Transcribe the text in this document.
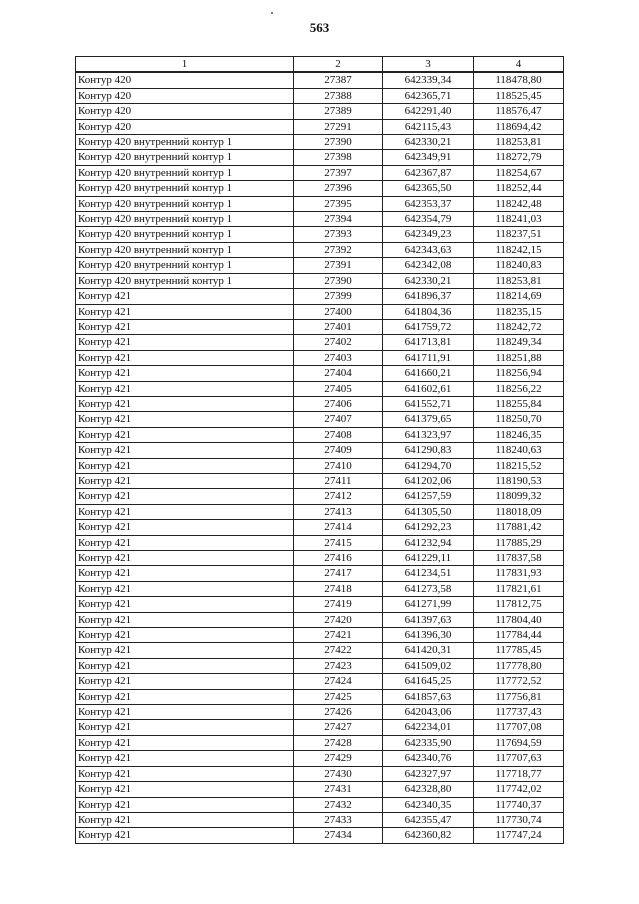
563
1	2	3	4
Контур 420	27387	642339,34	118478,80
Контур 420	27388	642365,71	118525,45
Контур 420	27389	642291,40	118576,47
Контур 420	27291	642115,43	118694,42
Контур 420 внутренний контур 1	27390	642330,21	118253,81
Контур 420 внутренний контур 1	27398	642349,91	118272,79
Контур 420 внутренний контур 1	27397	642367,87	118254,67
Контур 420 внутренний контур 1	27396	642365,50	118252,44
Контур 420 внутренний контур 1	27395	642353,37	118242,48
Контур 420 внутренний контур 1	27394	642354,79	118241,03
Контур 420 внутренний контур 1	27393	642349,23	118237,51
Контур 420 внутренний контур 1	27392	642343,63	118242,15
Контур 420 внутренний контур 1	27391	642342,08	118240,83
Контур 420 внутренний контур 1	27390	642330,21	118253,81
Контур 421	27399	641896,37	118214,69
Контур 421	27400	641804,36	118235,15
Контур 421	27401	641759,72	118242,72
Контур 421	27402	641713,81	118249,34
Контур 421	27403	641711,91	118251,88
Контур 421	27404	641660,21	118256,94
Контур 421	27405	641602,61	118256,22
Контур 421	27406	641552,71	118255,84
Контур 421	27407	641379,65	118250,70
Контур 421	27408	641323,97	118246,35
Контур 421	27409	641290,83	118240,63
Контур 421	27410	641294,70	118215,52
Контур 421	27411	641202,06	118190,53
Контур 421	27412	641257,59	118099,32
Контур 421	27413	641305,50	118018,09
Контур 421	27414	641292,23	117881,42
Контур 421	27415	641232,94	117885,29
Контур 421	27416	641229,11	117837,58
Контур 421	27417	641234,51	117831,93
Контур 421	27418	641273,58	117821,61
Контур 421	27419	641271,99	117812,75
Контур 421	27420	641397,63	117804,40
Контур 421	27421	641396,30	117784,44
Контур 421	27422	641420,31	117785,45
Контур 421	27423	641509,02	117778,80
Контур 421	27424	641645,25	117772,52
Контур 421	27425	641857,63	117756,81
Контур 421	27426	642043,06	117737,43
Контур 421	27427	642234,01	117707,08
Контур 421	27428	642335,90	117694,59
Контур 421	27429	642340,76	117707,63
Контур 421	27430	642327,97	117718,77
Контур 421	27431	642328,80	117742,02
Контур 421	27432	642340,35	117740,37
Контур 421	27433	642355,47	117730,74
Контур 421	27434	642360,82	117747,24
